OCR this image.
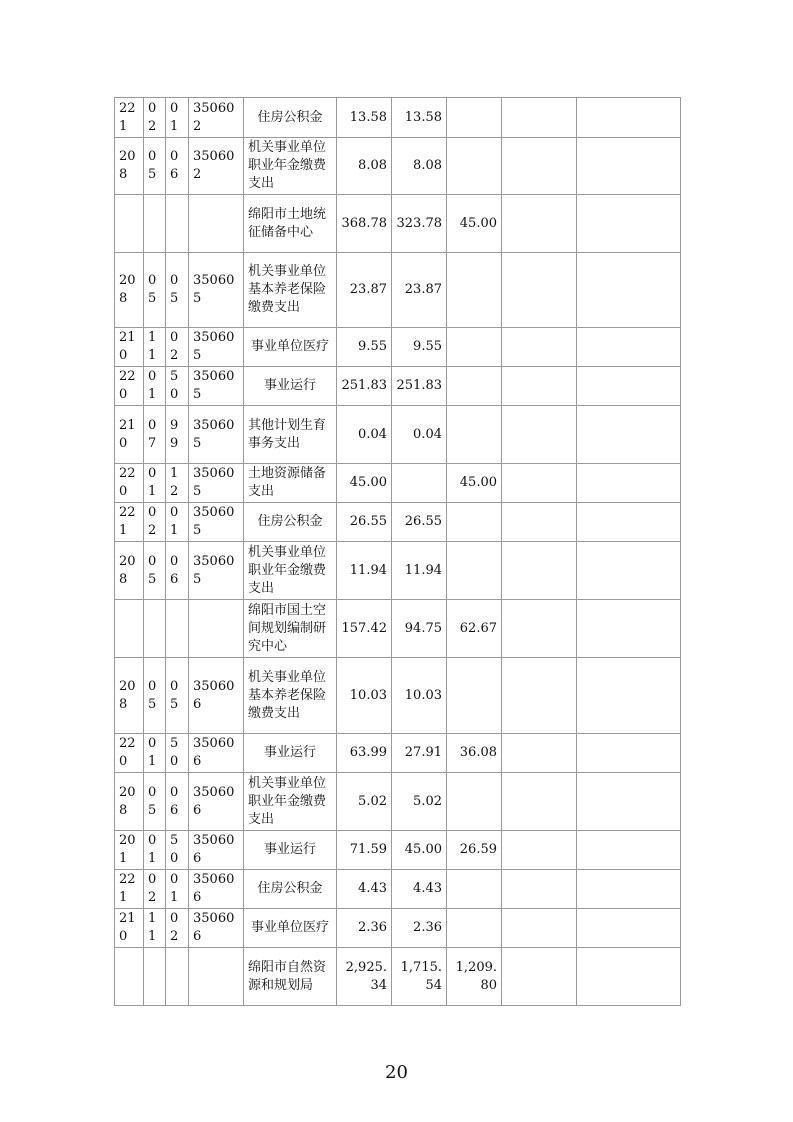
221	02	01	350602	住房公积金	13.58	13.58			
208	05	06	350602	机关事业单位职业年金缴费支出	8.08	8.08			
				绵阳市土地统征储备中心	368.78	323.78	45.00		
208	05	05	350605	机关事业单位基本养老保险缴费支出	23.87	23.87			
210	11	02	350605	事业单位医疗	9.55	9.55			
220	01	50	350605	事业运行	251.83	251.83			
210	07	99	350605	其他计划生育事务支出	0.04	0.04			
220	01	12	350605	土地资源储备支出	45.00		45.00		
221	02	01	350605	住房公积金	26.55	26.55			
208	05	06	350605	机关事业单位职业年金缴费支出	11.94	11.94			
				绵阳市国土空间规划编制研究中心	157.42	94.75	62.67		
208	05	05	350606	机关事业单位基本养老保险缴费支出	10.03	10.03			
220	01	50	350606	事业运行	63.99	27.91	36.08		
208	05	06	350606	机关事业单位职业年金缴费支出	5.02	5.02			
201	01	50	350606	事业运行	71.59	45.00	26.59		
221	02	01	350606	住房公积金	4.43	4.43			
210	11	02	350606	事业单位医疗	2.36	2.36			
				绵阳市自然资源和规划局	2,925.34	1,715.54	1,209.80		
20
